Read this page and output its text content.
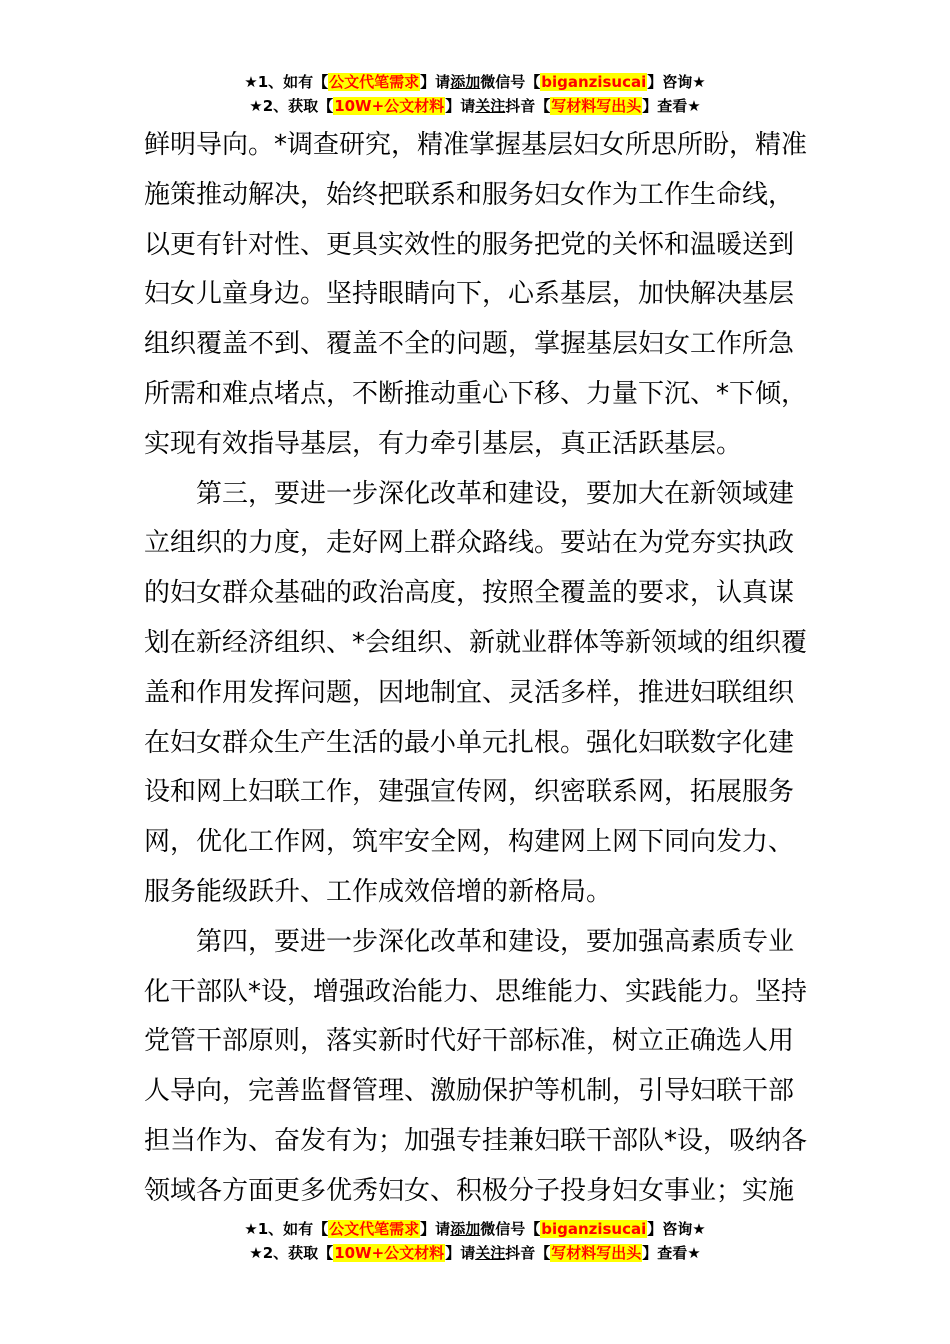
★1、如有【公文代笔需求】请添加微信号【biganzisucai】咨询★
★2、获取【10W+公文材料】请关注抖音【写材料写出头】查看★
鲜明导向。*调查研究，精准掌握基层妇女所思所盼，精准
施策推动解决，始终把联系和服务妇女作为工作生命线，
以更有针对性、更具实效性的服务把党的关怀和温暖送到
妇女儿童身边。坚持眼睛向下，心系基层，加快解决基层
组织覆盖不到、覆盖不全的问题，掌握基层妇女工作所急
所需和难点堵点，不断推动重心下移、力量下沉、*下倾，
实现有效指导基层，有力牵引基层，真正活跃基层。
第三，要进一步深化改革和建设，要加大在新领域建
立组织的力度，走好网上群众路线。要站在为党夯实执政
的妇女群众基础的政治高度，按照全覆盖的要求，认真谋
划在新经济组织、*会组织、新就业群体等新领域的组织覆
盖和作用发挥问题，因地制宜、灵活多样，推进妇联组织
在妇女群众生产生活的最小单元扎根。强化妇联数字化建
设和网上妇联工作，建强宣传网，织密联系网，拓展服务
网，优化工作网，筑牢安全网，构建网上网下同向发力、
服务能级跃升、工作成效倍增的新格局。
第四，要进一步深化改革和建设，要加强高素质专业
化干部队*设，增强政治能力、思维能力、实践能力。坚持
党管干部原则，落实新时代好干部标准，树立正确选人用
人导向，完善监督管理、激励保护等机制，引导妇联干部
担当作为、奋发有为；加强专挂兼妇联干部队*设，吸纳各
领域各方面更多优秀妇女、积极分子投身妇女事业；实施
★1、如有【公文代笔需求】请添加微信号【biganzisucai】咨询★
★2、获取【10W+公文材料】请关注抖音【写材料写出头】查看★
